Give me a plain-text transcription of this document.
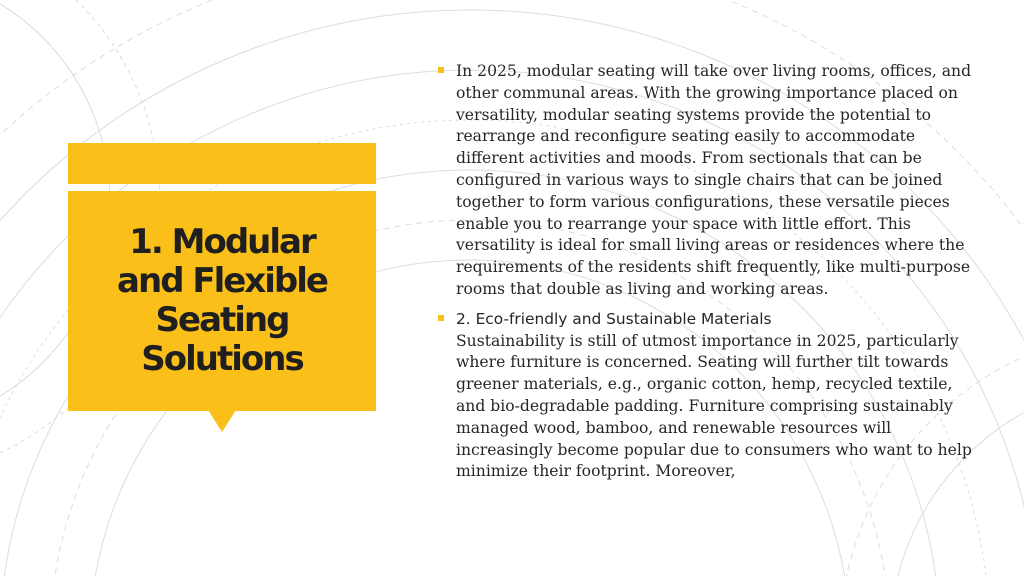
1. Modular and Flexible Seating Solutions
In 2025, modular seating will take over living rooms, offices, and other communal areas. With the growing importance placed on versatility, modular seating systems provide the potential to rearrange and reconfigure seating easily to accommodate different activities and moods. From sectionals that can be configured in various ways to single chairs that can be joined together to form various configurations, these versatile pieces enable you to rearrange your space with little effort. This versatility is ideal for small living areas or residences where the requirements of the residents shift frequently, like multi-purpose rooms that double as living and working areas.
2. Eco-friendly and Sustainable Materials
Sustainability is still of utmost importance in 2025, particularly where furniture is concerned. Seating will further tilt towards greener materials, e.g., organic cotton, hemp, recycled textile, and bio-degradable padding. Furniture comprising sustainably managed wood, bamboo, and renewable resources will increasingly become popular due to consumers who want to help minimize their footprint. Moreover,
